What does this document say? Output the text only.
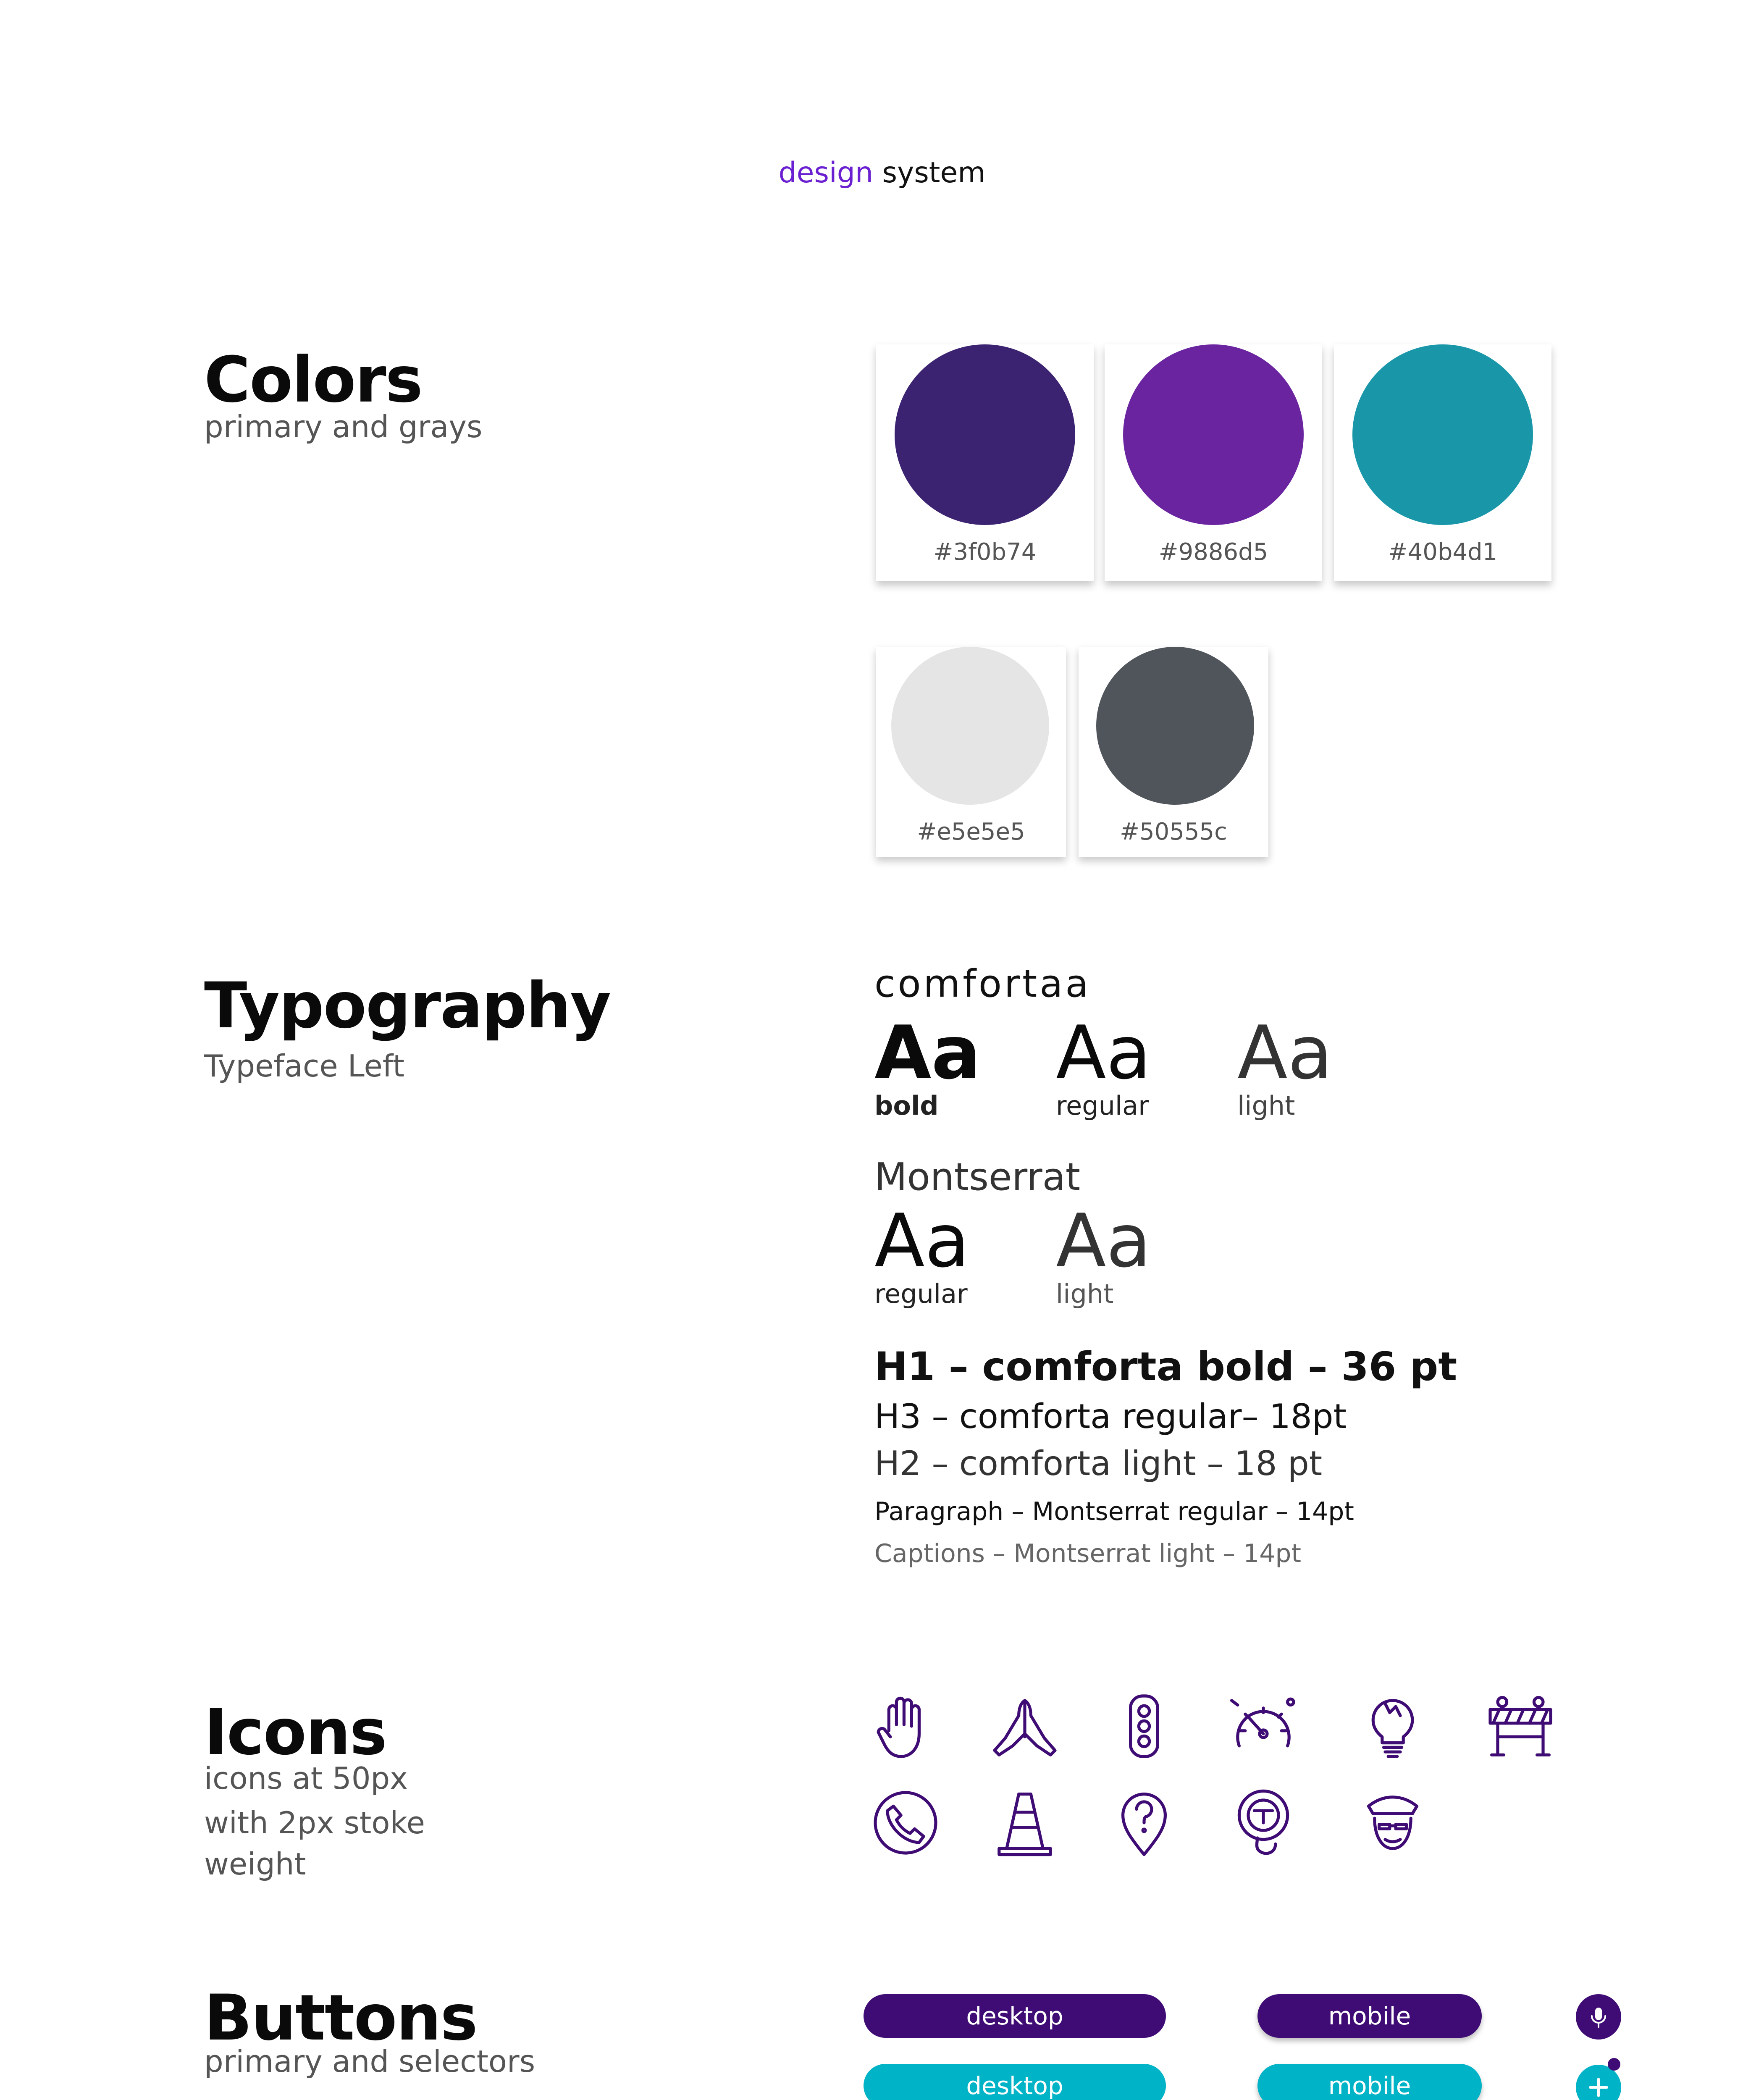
design system
Colors
primary and grays
#3f0b74	#9886d5	#40b4d1
#e5e5e5	#50555c
Typography
Typeface Left
comfortaa
Aa
bold
Aa
regular
Aa
light
Montserrat
Aa
regular
Aa
light
H1 – comforta bold – 36 pt
H3 – comforta regular– 18pt
H2 – comforta light – 18 pt
Paragraph – Montserrat regular – 14pt
Captions – Montserrat light – 14pt
Icons
icons at 50px
with 2px stoke
weight
Buttons
primary and selectors
desktop
desktop
mobile
mobile
